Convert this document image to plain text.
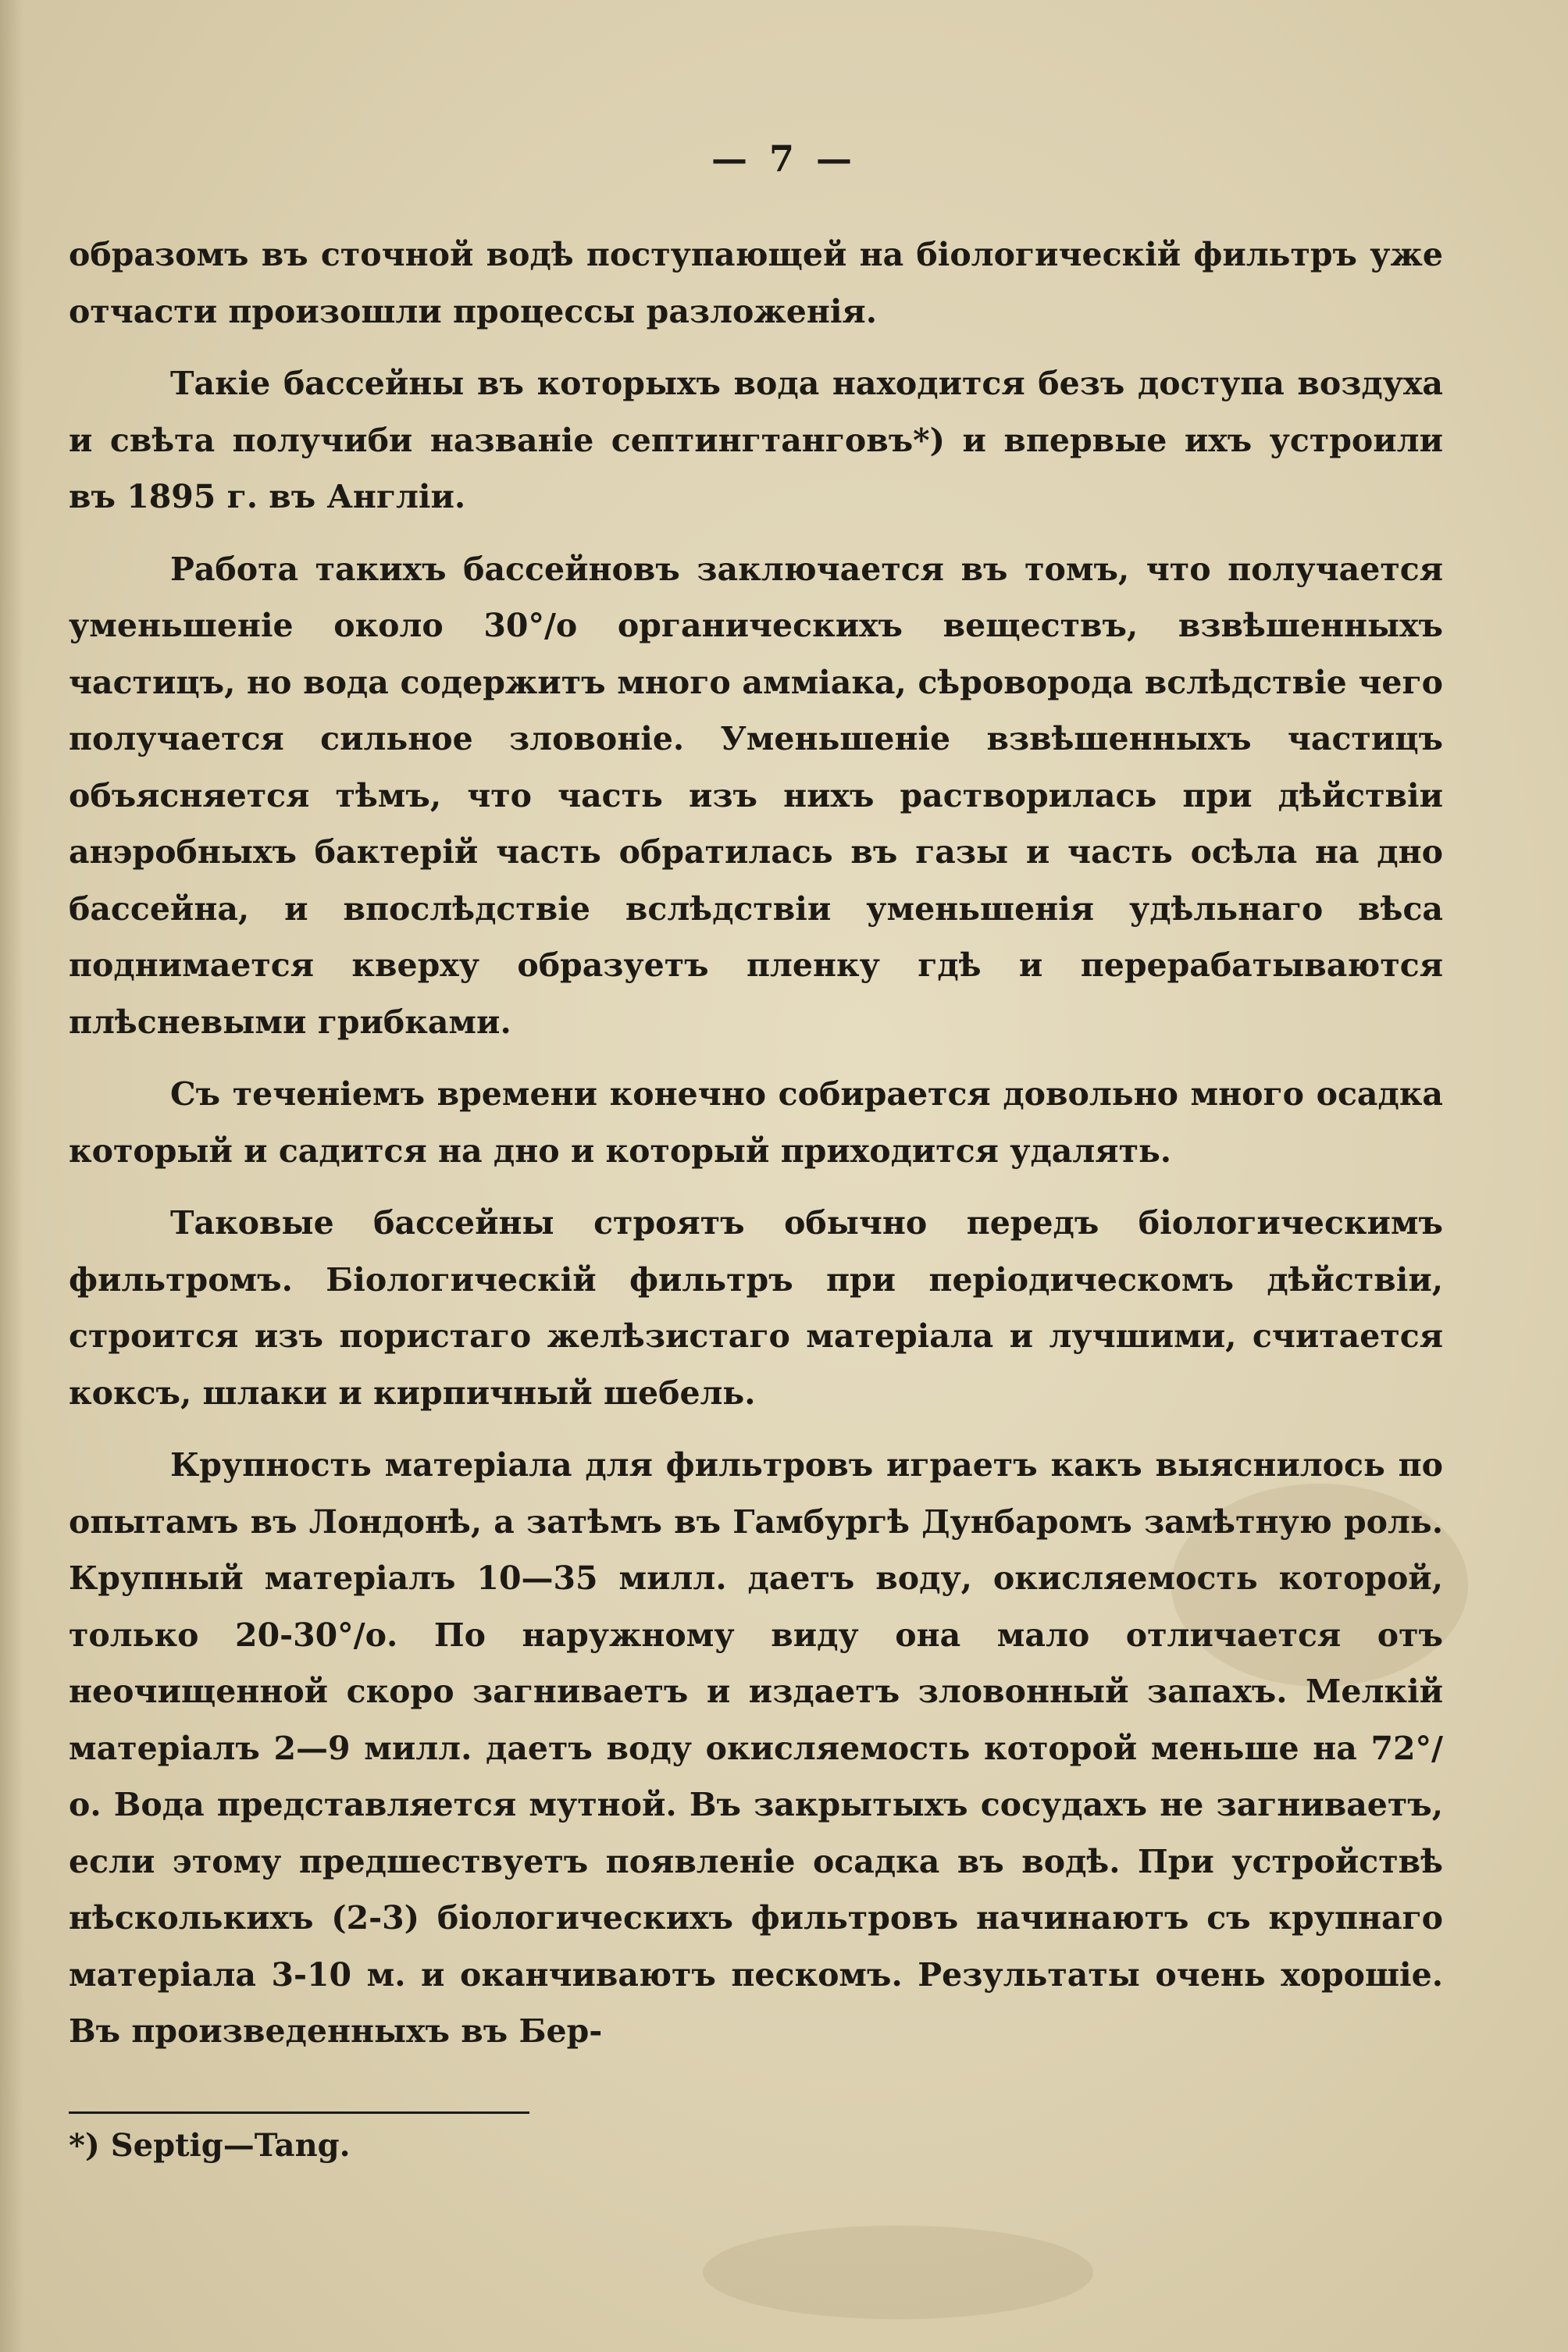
— 7 —

образомъ въ сточной водѣ поступающей на біологическій фильтръ уже отчасти произошли процессы разложенія.

Такіе бассейны въ которыхъ вода находится безъ доступа воздуха и свѣта получиби названіе септингтанговъ*) и впервые ихъ устроили въ 1895 г. въ Англіи.

Работа такихъ бассейновъ заключается въ томъ, что получается уменьшеніе около 30°/о органическихъ веществъ, взвѣшенныхъ частицъ, но вода содержитъ много амміака, сѣроворода вслѣдствіе чего получается сильное зловоніе. Уменьшеніе взвѣшенныхъ частицъ объясняется тѣмъ, что часть изъ нихъ растворилась при дѣйствіи анэробныхъ бактерій часть обратилась въ газы и часть осѣла на дно бассейна, и впослѣдствіе вслѣдствіи уменьшенія удѣльнаго вѣса поднимается кверху образуетъ пленку гдѣ и перерабатываются плѣсневыми грибками.

Съ теченіемъ времени конечно собирается довольно много осадка который и садится на дно и который приходится удалять.

Таковые бассейны строятъ обычно передъ біологическимъ фильтромъ. Біологическій фильтръ при періодическомъ дѣйствіи, строится изъ пористаго желѣзистаго матеріала и лучшими, считается коксъ, шлаки и кирпичный шебель.

Крупность матеріала для фильтровъ играетъ какъ выяснилось по опытамъ въ Лондонѣ, а затѣмъ въ Гамбургѣ Дунбаромъ замѣтную роль. Крупный матеріалъ 10—35 милл. даетъ воду, окисляемость которой, только 20-30°/о. По наружному виду она мало отличается отъ неочищенной скоро загниваетъ и издаетъ зловонный запахъ. Мелкій матеріалъ 2—9 милл. даетъ воду окисляемость которой меньше на 72°/о. Вода представляется мутной. Въ закрытыхъ сосудахъ не загниваетъ, если этому предшествуетъ появленіе осадка въ водѣ. При устройствѣ нѣсколькихъ (2-3) біологическихъ фильтровъ начинаютъ съ крупнаго матеріала 3-10 м. и оканчиваютъ пескомъ. Результаты очень хорошіе. Въ произведенныхъ въ Бер-

*) Septig—Tang.
